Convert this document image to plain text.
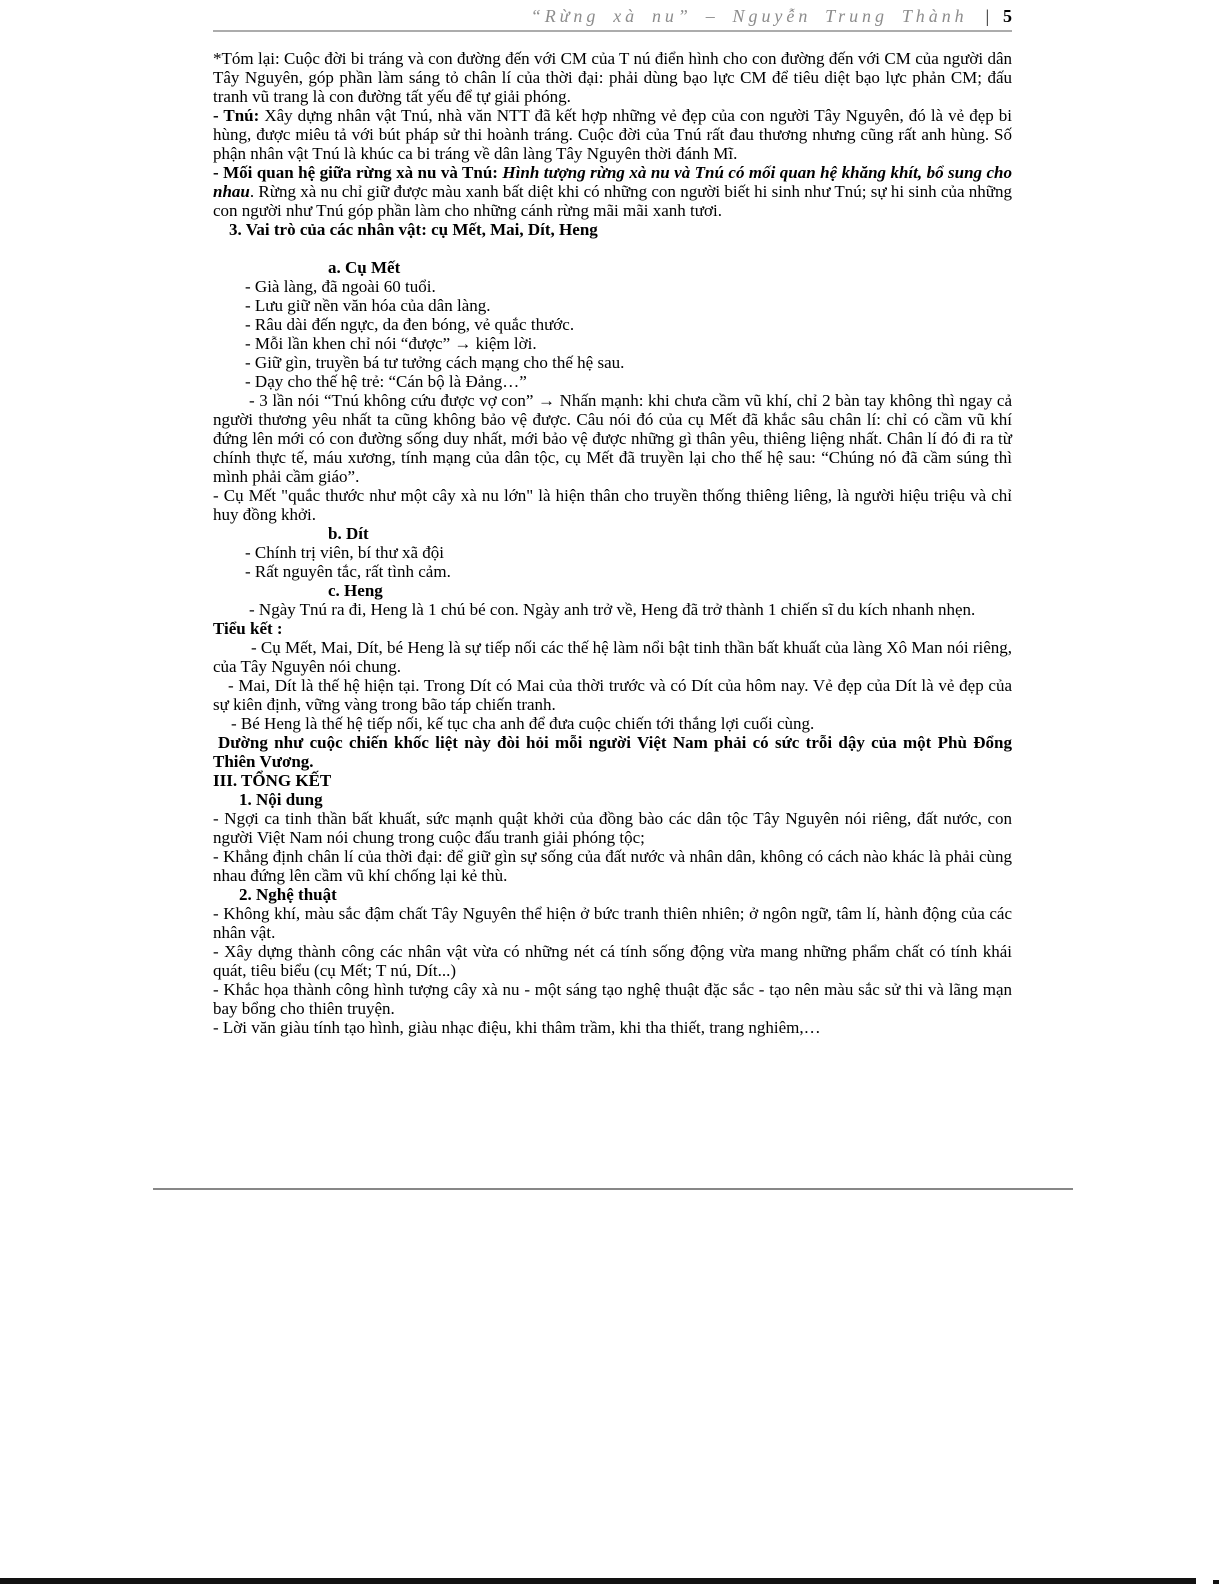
“Rừng xà nu” – Nguyễn Trung Thành | 5
*Tóm lại: Cuộc đời bi tráng và con đường đến với CM của T nú điển hình cho con đường đến với CM của người dân Tây Nguyên, góp phần làm sáng tỏ chân lí của thời đại: phải dùng bạo lực CM để tiêu diệt bạo lực phản CM; đấu tranh vũ trang là con đường tất yếu để tự giải phóng.
- Tnú: Xây dựng nhân vật Tnú, nhà văn NTT đã kết hợp những vẻ đẹp của con người Tây Nguyên, đó là vẻ đẹp bi hùng, được miêu tả với bút pháp sử thi hoành tráng. Cuộc đời của Tnú rất đau thương nhưng cũng rất anh hùng. Số phận nhân vật Tnú là khúc ca bi tráng về dân làng Tây Nguyên thời đánh Mĩ.
- Mối quan hệ giữa rừng xà nu và Tnú: Hình tượng rừng xà nu và Tnú có mối quan hệ khăng khít, bổ sung cho nhau. Rừng xà nu chỉ giữ được màu xanh bất diệt khi có những con người biết hi sinh như Tnú; sự hi sinh của những con người như Tnú góp phần làm cho những cánh rừng mãi mãi xanh tươi.
3. Vai trò của các nhân vật: cụ Mết, Mai, Dít, Heng
a. Cụ Mết
- Già làng, đã ngoài 60 tuổi.
- Lưu giữ nền văn hóa của dân làng.
- Râu dài đến ngực, da đen bóng, vẻ quắc thước.
- Mỗi lần khen chỉ nói “được” → kiệm lời.
- Giữ gìn, truyền bá tư tưởng cách mạng cho thế hệ sau.
- Dạy cho thế hệ trẻ: “Cán bộ là Đảng…”
- 3 lần nói “Tnú không cứu được vợ con” → Nhấn mạnh: khi chưa cầm vũ khí, chỉ 2 bàn tay không thì ngay cả người thương yêu nhất ta cũng không bảo vệ được. Câu nói đó của cụ Mết đã khắc sâu chân lí: chỉ có cầm vũ khí đứng lên mới có con đường sống duy nhất, mới bảo vệ được những gì thân yêu, thiêng liệng nhất. Chân lí đó đi ra từ chính thực tế, máu xương, tính mạng của dân tộc, cụ Mết đã truyền lại cho thế hệ sau: “Chúng nó đã cầm súng thì mình phải cầm giáo”.
- Cụ Mết "quắc thước như một cây xà nu lớn" là hiện thân cho truyền thống thiêng liêng, là người hiệu triệu và chỉ huy đồng khởi.
b. Dít
- Chính trị viên, bí thư xã đội
- Rất nguyên tắc, rất tình cảm.
c. Heng
- Ngày Tnú ra đi, Heng là 1 chú bé con. Ngày anh trở về, Heng đã trở thành 1 chiến sĩ du kích nhanh nhẹn.
Tiểu kết :
- Cụ Mết, Mai, Dít, bé Heng là sự tiếp nối các thế hệ làm nổi bật tinh thần bất khuất của làng Xô Man nói riêng, của Tây Nguyên nói chung.
- Mai, Dít là thế hệ hiện tại. Trong Dít có Mai của thời trước và có Dít của hôm nay. Vẻ đẹp của Dít là vẻ đẹp của sự kiên định, vững vàng trong bão táp chiến tranh.
- Bé Heng là thế hệ tiếp nối, kế tục cha anh để đưa cuộc chiến tới thắng lợi cuối cùng.
Dường như cuộc chiến khốc liệt này đòi hỏi mỗi người Việt Nam phải có sức trỗi dậy của một Phù Đổng Thiên Vương.
III. TỔNG KẾT
1. Nội dung
- Ngợi ca tinh thần bất khuất, sức mạnh quật khởi của đồng bào các dân tộc Tây Nguyên nói riêng, đất nước, con người Việt Nam nói chung trong cuộc đấu tranh giải phóng tộc;
- Khẳng định chân lí của thời đại: để giữ gìn sự sống của đất nước và nhân dân, không có cách nào khác là phải cùng nhau đứng lên cầm vũ khí chống lại kẻ thù.
2. Nghệ thuật
- Không khí, màu sắc đậm chất Tây Nguyên thể hiện ở bức tranh thiên nhiên; ở ngôn ngữ, tâm lí, hành động của các nhân vật.
- Xây dựng thành công các nhân vật vừa có những nét cá tính sống động vừa mang những phẩm chất có tính khái quát, tiêu biểu (cụ Mết; T nú, Dít...)
- Khắc họa thành công hình tượng cây xà nu - một sáng tạo nghệ thuật đặc sắc - tạo nên màu sắc sử thi và lãng mạn bay bổng cho thiên truyện.
- Lời văn giàu tính tạo hình, giàu nhạc điệu, khi thâm trầm, khi tha thiết, trang nghiêm,…
